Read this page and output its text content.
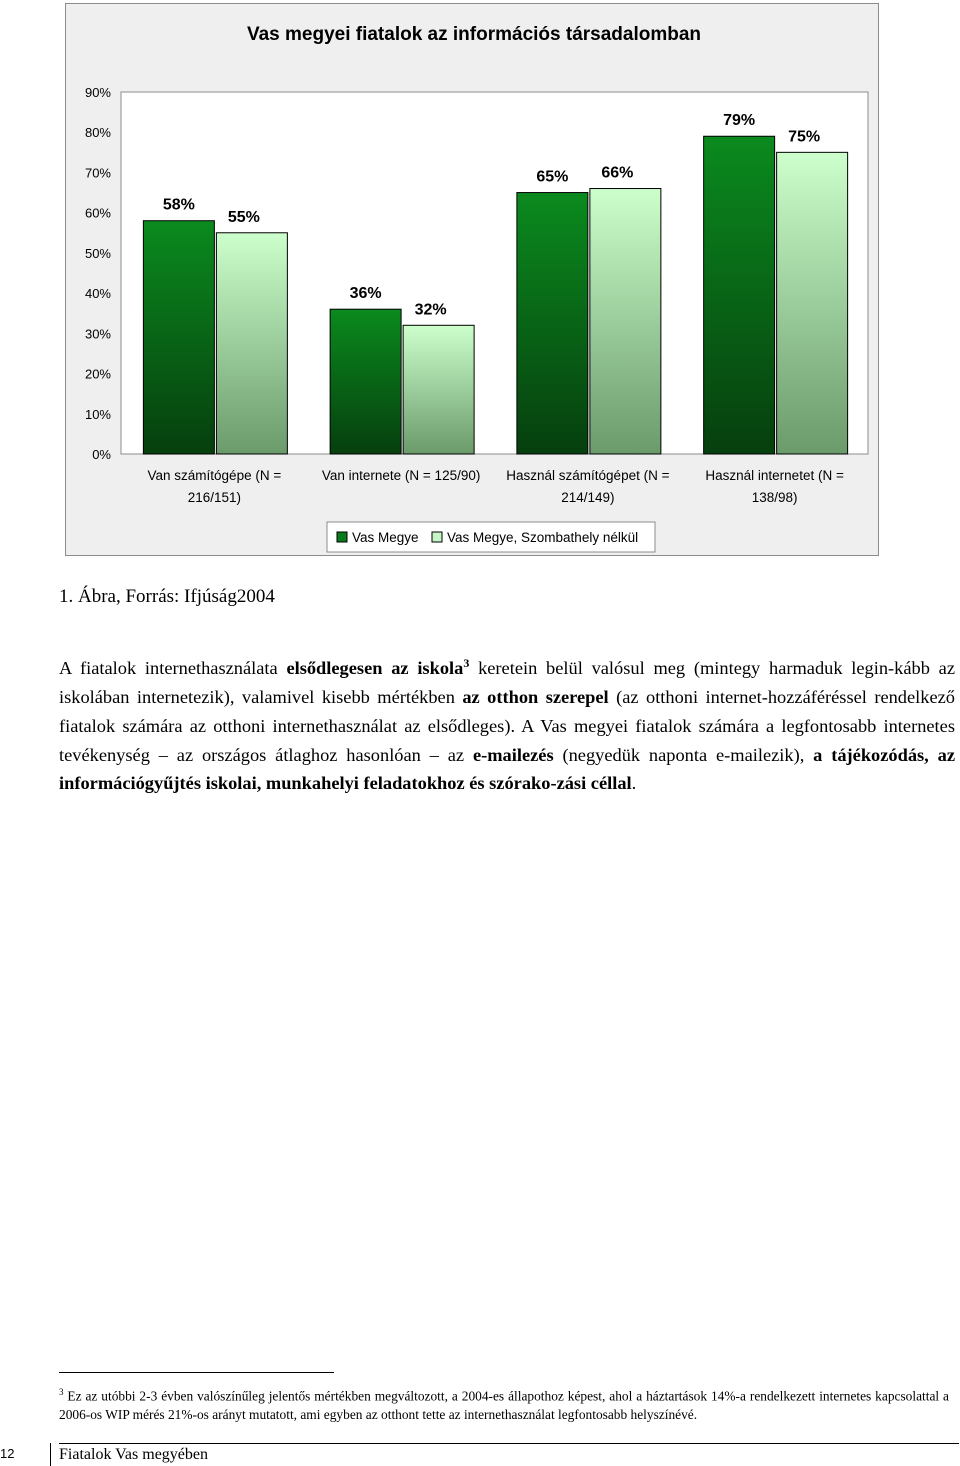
Vas megyei fiatalok az információs társadalomban
0%
10%
20%
30%
40%
50%
60%
70%
80%
90%
58%
55%
36%
32%
65% 66%
79%
75%
Van számítógépe (N =
216/151)
Van internete (N = 125/90) Használ számítógépet (N =
214/149)
Használ internetet (N =
138/98)
Vas Megye Vas Megye, Szombathely nélkül
1. Ábra, Forrás: Ifjúság2004
A fiatalok internethasználata elsődlegesen az iskola$^3$ keretein belül valósul meg (mintegy harmaduk legin-kább az iskolában internetezik), valamivel kisebb mértékben az otthon szerepel (az otthoni internet-hozzáféréssel rendelkező fiatalok számára az otthoni internethasználat az elsődleges). A Vas megyei fiatalok számára a legfontosabb internetes tevékenység – az országos átlaghoz hasonlóan – az e-mailezés (negyedük naponta e-mailezik), a tájékozódás, az információgyűjtés iskolai, munkahelyi feladatokhoz és szórako-zási céllal.
$^3$ Ez az utóbbi 2-3 évben valószínűleg jelentős mértékben megváltozott, a 2004-es állapothoz képest, ahol a háztartások 14%-a rendelkezett internetes kapcsolattal a 2006-os WIP mérés 21%-os arányt mutatott, ami egyben az otthont tette az internethasználat legfontosabb helyszínévé.
12	Fiatalok Vas megyében
